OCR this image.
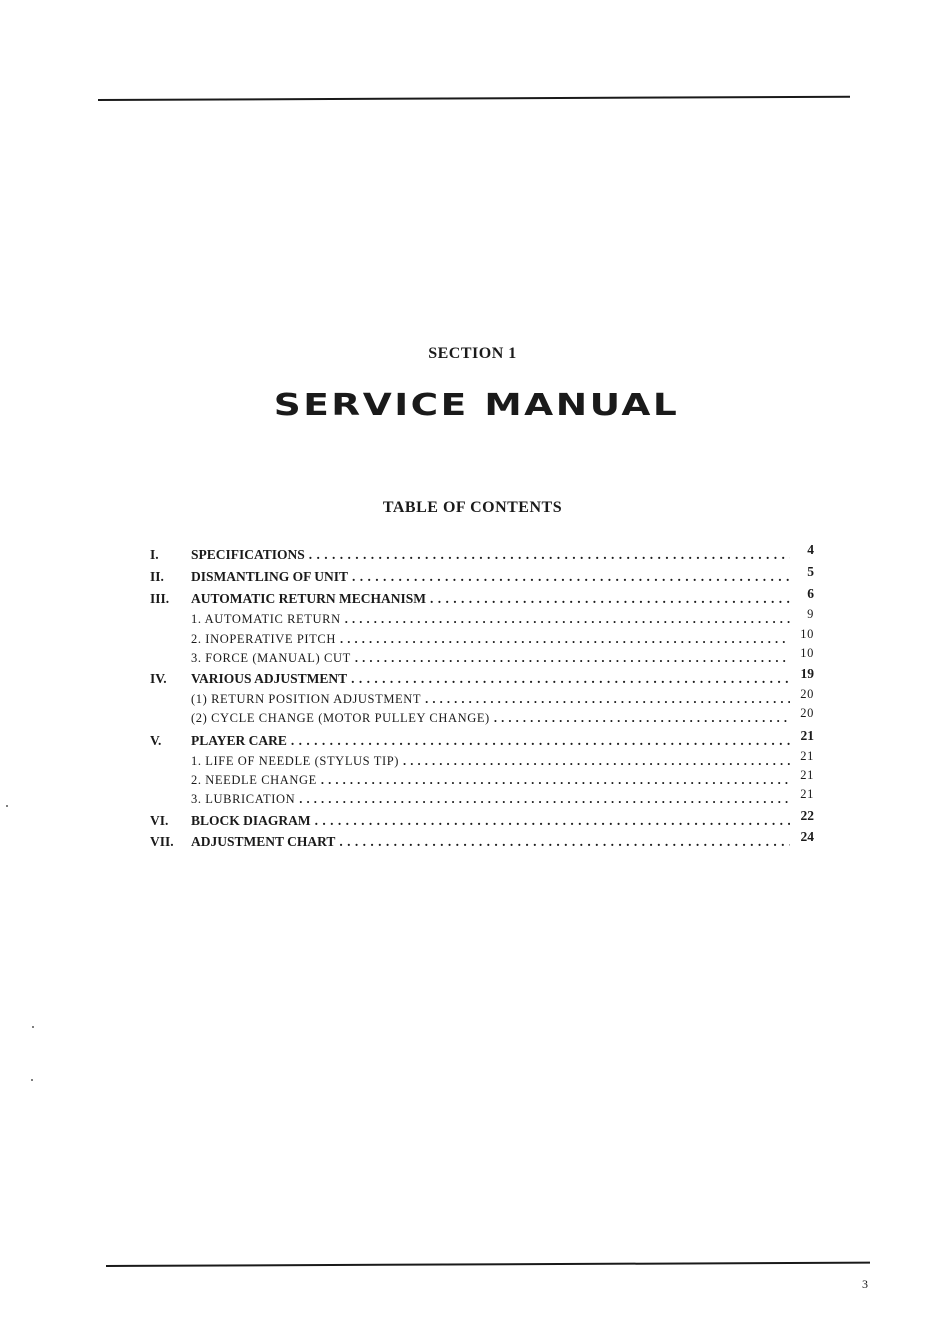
SECTION 1
SERVICE MANUAL
TABLE OF CONTENTS
I.	SPECIFICATIONS . . .	4
II.	DISMANTLING OF UNIT . . .	5
III.	AUTOMATIC RETURN MECHANISM . . .	6
1. AUTOMATIC RETURN . . .	9
2. INOPERATIVE PITCH . . .	10
3. FORCE (MANUAL) CUT . . .	10
IV.	VARIOUS ADJUSTMENT . . .	19
(1) RETURN POSITION ADJUSTMENT . . .	20
(2) CYCLE CHANGE (MOTOR PULLEY CHANGE) . . .	20
V.	PLAYER CARE . . .	21
1. LIFE OF NEEDLE (STYLUS TIP) . . .	21
2. NEEDLE CHANGE . . .	21
3. LUBRICATION . . .	21
VI.	BLOCK DIAGRAM . . .	22
VII.	ADJUSTMENT CHART . . .	24
3
